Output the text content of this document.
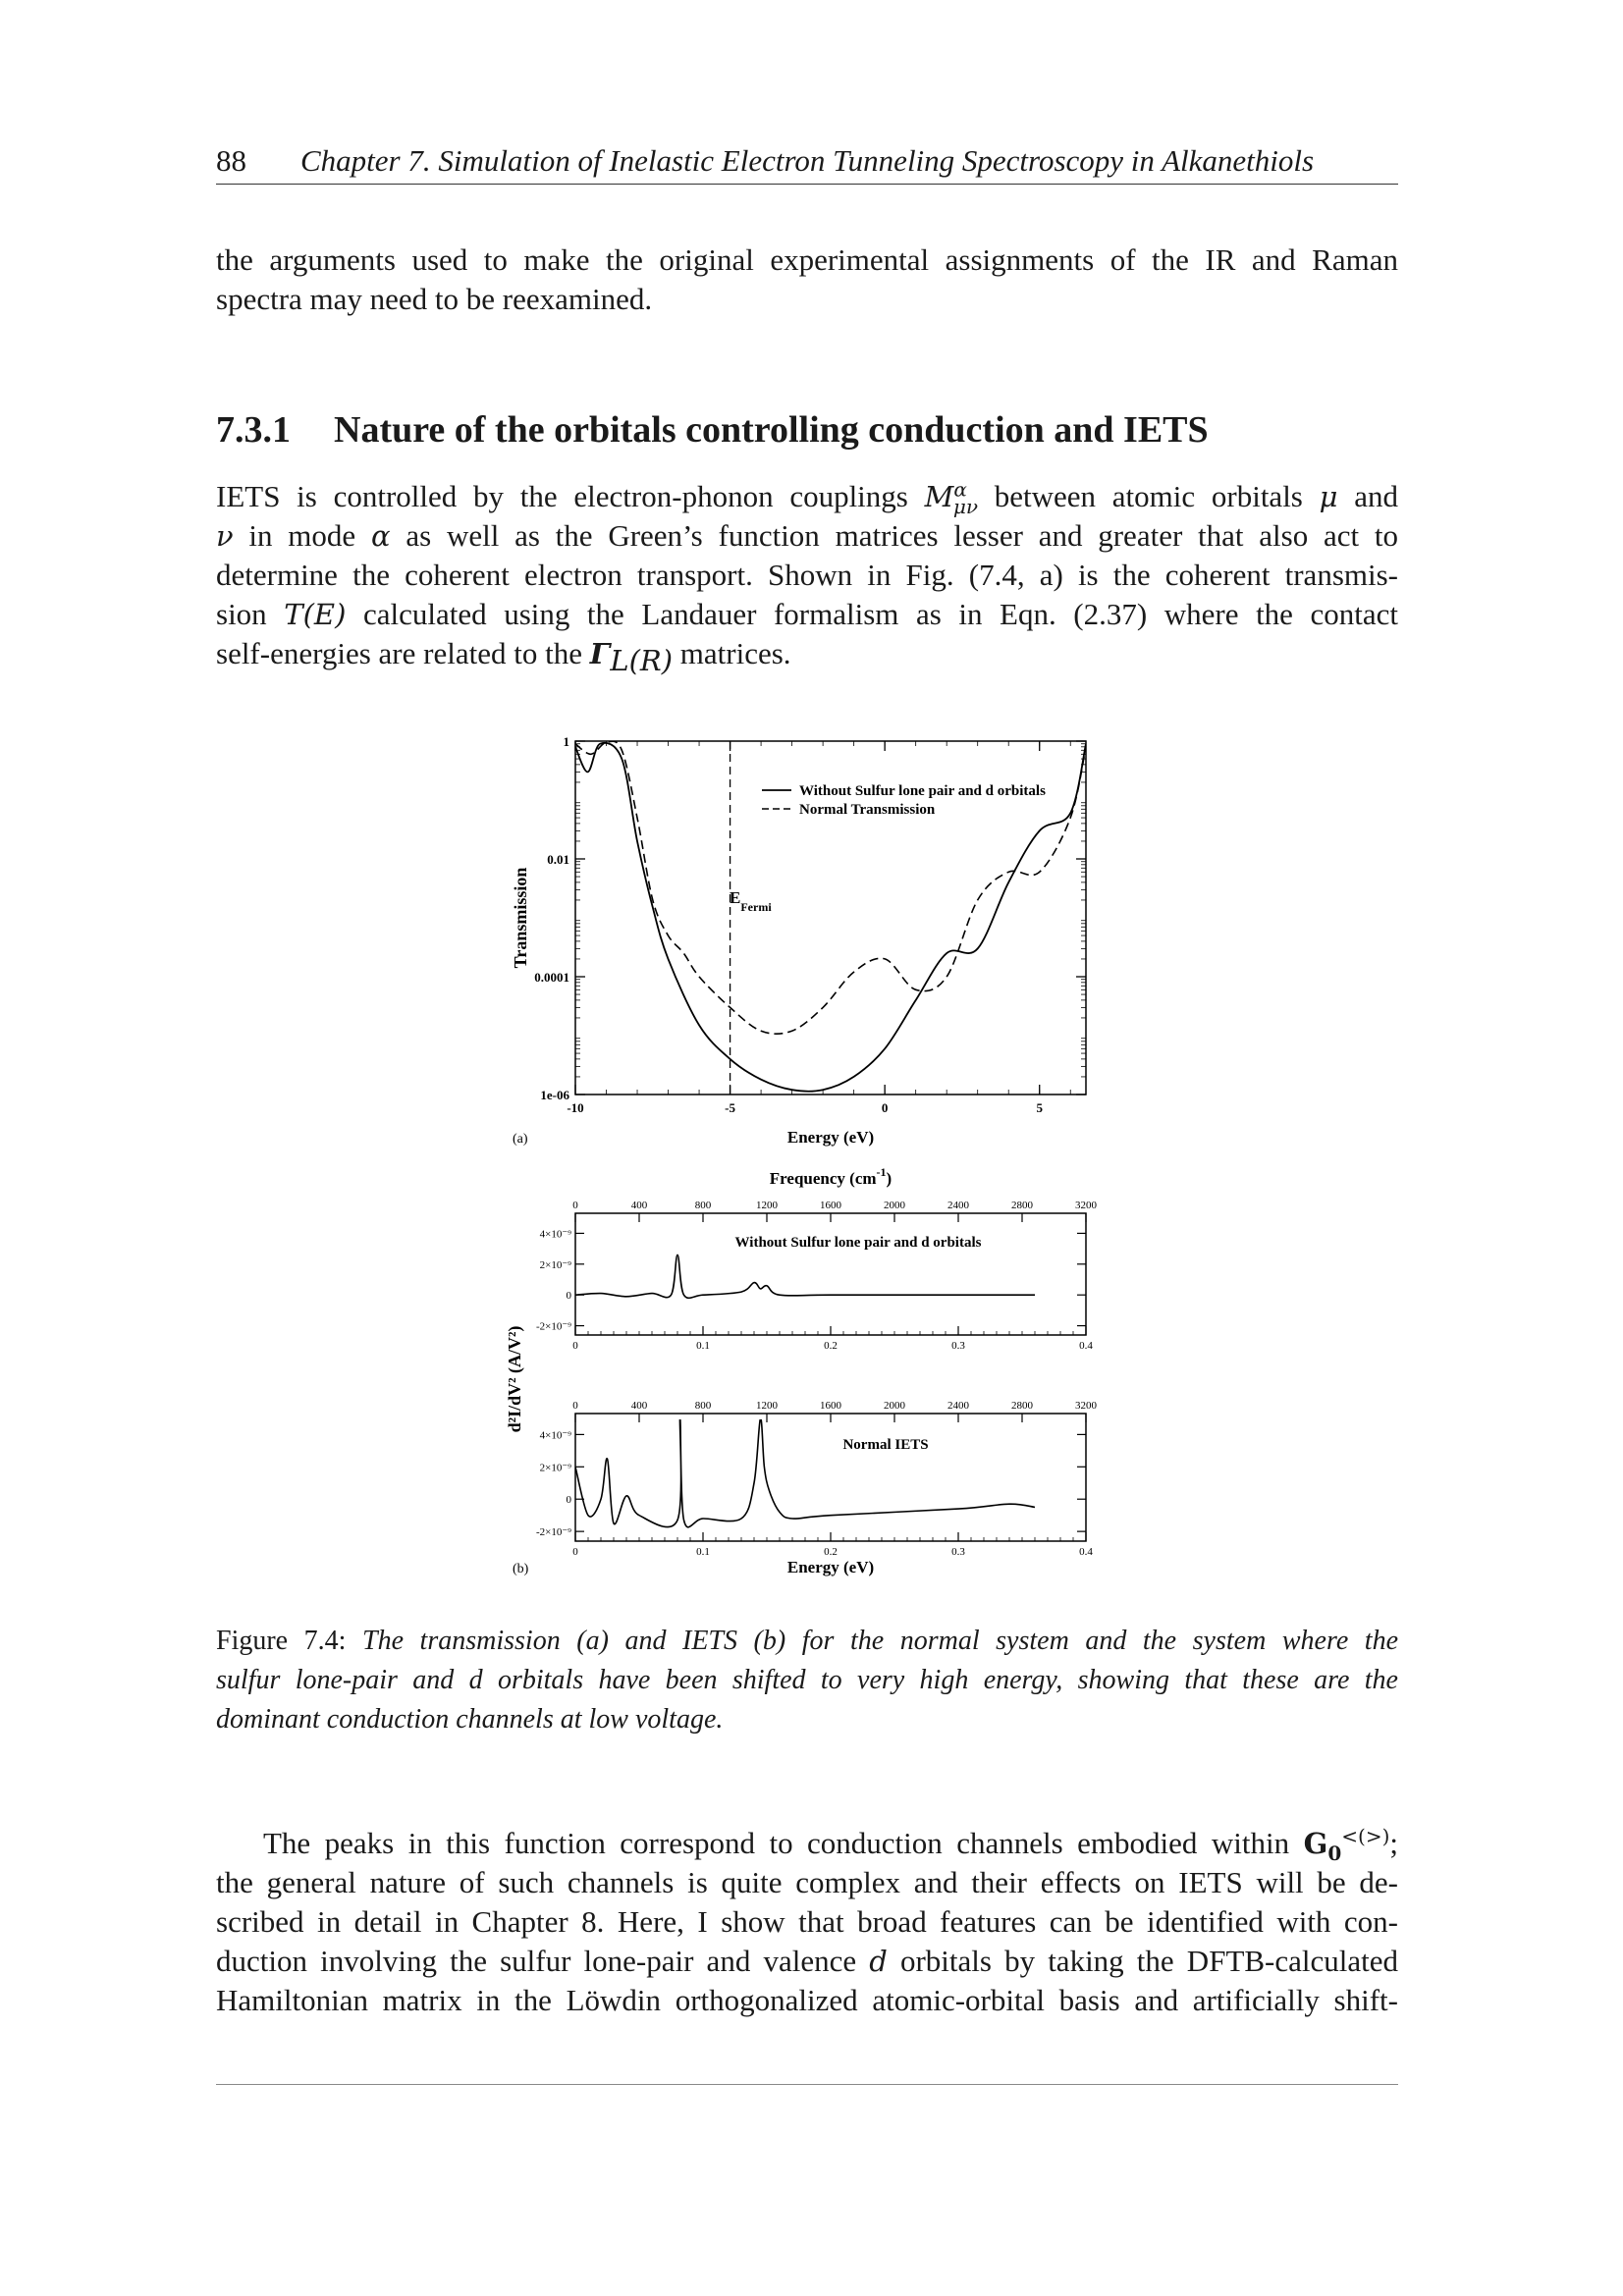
88 Chapter 7. Simulation of Inelastic Electron Tunneling Spectroscopy in Alkanethiols
the arguments used to make the original experimental assignments of the IR and Raman
spectra may need to be reexamined.
7.3.1 Nature of the orbitals controlling conduction and IETS
IETS is controlled by the electron-phonon couplings $M^\alpha_{\mu\nu}$ between atomic orbitals μ and
ν in mode α as well as the Green’s function matrices lesser and greater that also act to
determine the coherent electron transport. Shown in Fig. (7.4, a) is the coherent transmis-
sion T(E) calculated using the Landauer formalism as in Eqn. (2.37) where the contact
self-energies are related to the $\Gamma_{L(R)}$ matrices.
1
0.01
0.0001
1e-06
-10	-5	0	5
Without Sulfur lone pair and d orbitals
Normal Transmission
$E_{Fermi}$
Transmission
Energy (eV)
(a)
Frequency $(cm^{-1})$
4×10⁻⁹
2×10⁻⁹
0
-2×10⁻⁹
0	0.1	0.2	0.3	0.4
0	400	800	1200	1600	2000	2400	2800	3200
4×10⁻⁹
2×10⁻⁹
0
-2×10⁻⁹
0	0.1	0.2	0.3	0.4
0	400	800	1200	1600	2000	2400	2800	3200
Without Sulfur lone pair and d orbitals
Normal IETS
d²I/dV² (A/V²)
Energy (eV)
(b)
Figure 7.4: The transmission (a) and IETS (b) for the normal system and the system where the
sulfur lone-pair and d orbitals have been shifted to very high energy, showing that these are the
dominant conduction channels at low voltage.
The peaks in this function correspond to conduction channels embodied within $G_0^{<(>)}$;
the general nature of such channels is quite complex and their effects on IETS will be de-
scribed in detail in Chapter 8. Here, I show that broad features can be identified with con-
duction involving the sulfur lone-pair and valence d orbitals by taking the DFTB-calculated
Hamiltonian matrix in the Löwdin orthogonalized atomic-orbital basis and artificially shift-
